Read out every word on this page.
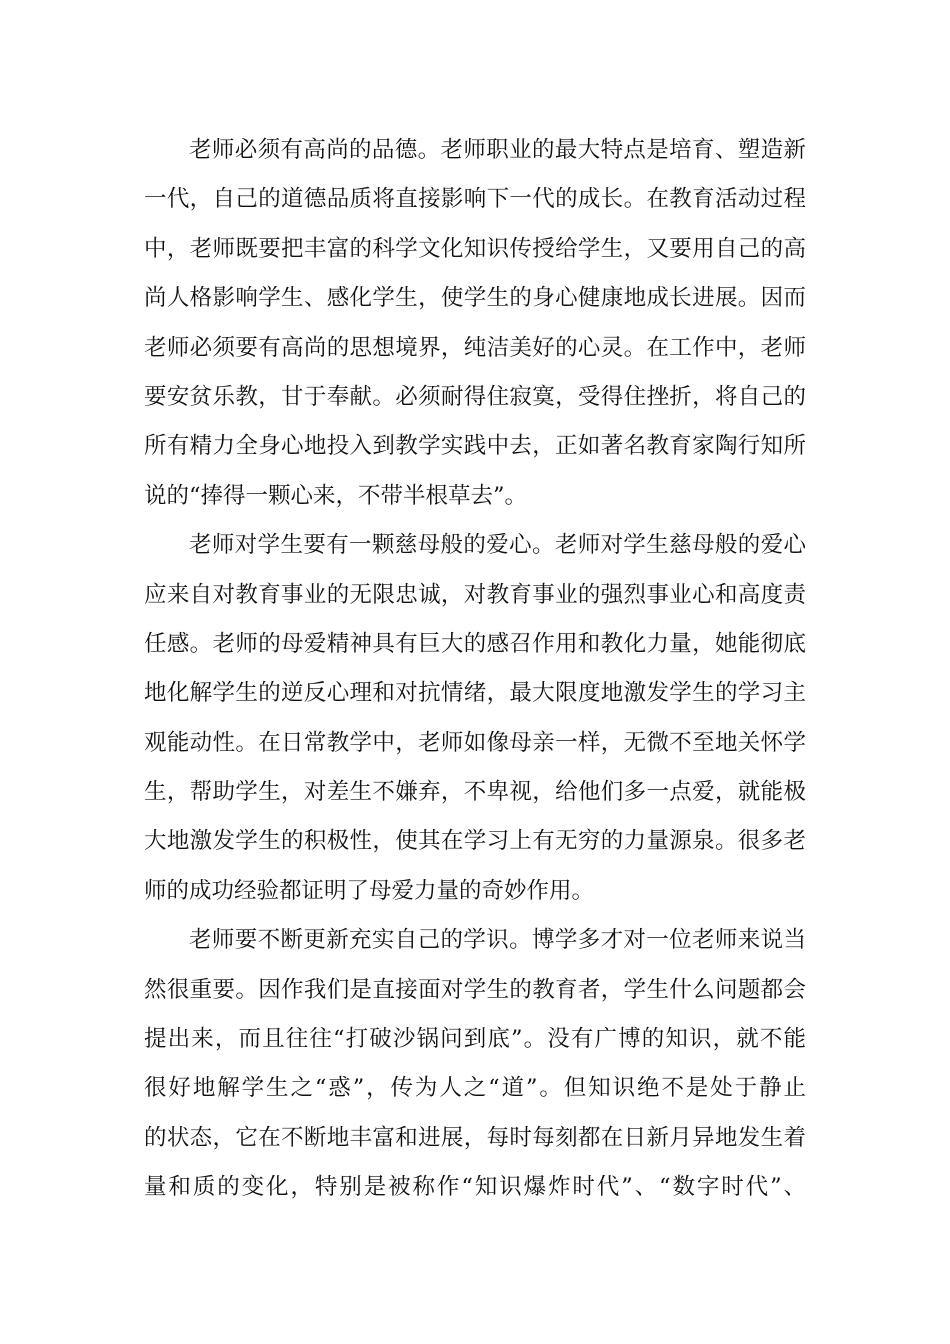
老师必须有高尚的品德。老师职业的最大特点是培育、塑造新
一代，自己的道德品质将直接影响下一代的成长。在教育活动过程
中，老师既要把丰富的科学文化知识传授给学生，又要用自己的高
尚人格影响学生、感化学生，使学生的身心健康地成长进展。因而
老师必须要有高尚的思想境界，纯洁美好的心灵。在工作中，老师
要安贫乐教，甘于奉献。必须耐得住寂寞，受得住挫折，将自己的
所有精力全身心地投入到教学实践中去，正如著名教育家陶行知所
说的“捧得一颗心来，不带半根草去”。
老师对学生要有一颗慈母般的爱心。老师对学生慈母般的爱心
应来自对教育事业的无限忠诚，对教育事业的强烈事业心和高度责
任感。老师的母爱精神具有巨大的感召作用和教化力量，她能彻底
地化解学生的逆反心理和对抗情绪，最大限度地激发学生的学习主
观能动性。在日常教学中，老师如像母亲一样，无微不至地关怀学
生，帮助学生，对差生不嫌弃，不卑视，给他们多一点爱，就能极
大地激发学生的积极性，使其在学习上有无穷的力量源泉。很多老
师的成功经验都证明了母爱力量的奇妙作用。
老师要不断更新充实自己的学识。博学多才对一位老师来说当
然很重要。因作我们是直接面对学生的教育者，学生什么问题都会
提出来，而且往往“打破沙锅问到底”。没有广博的知识，就不能
很好地解学生之“惑”，传为人之“道”。但知识绝不是处于静止
的状态，它在不断地丰富和进展，每时每刻都在日新月异地发生着
量和质的变化，特别是被称作“知识爆炸时代”、“数字时代”、
